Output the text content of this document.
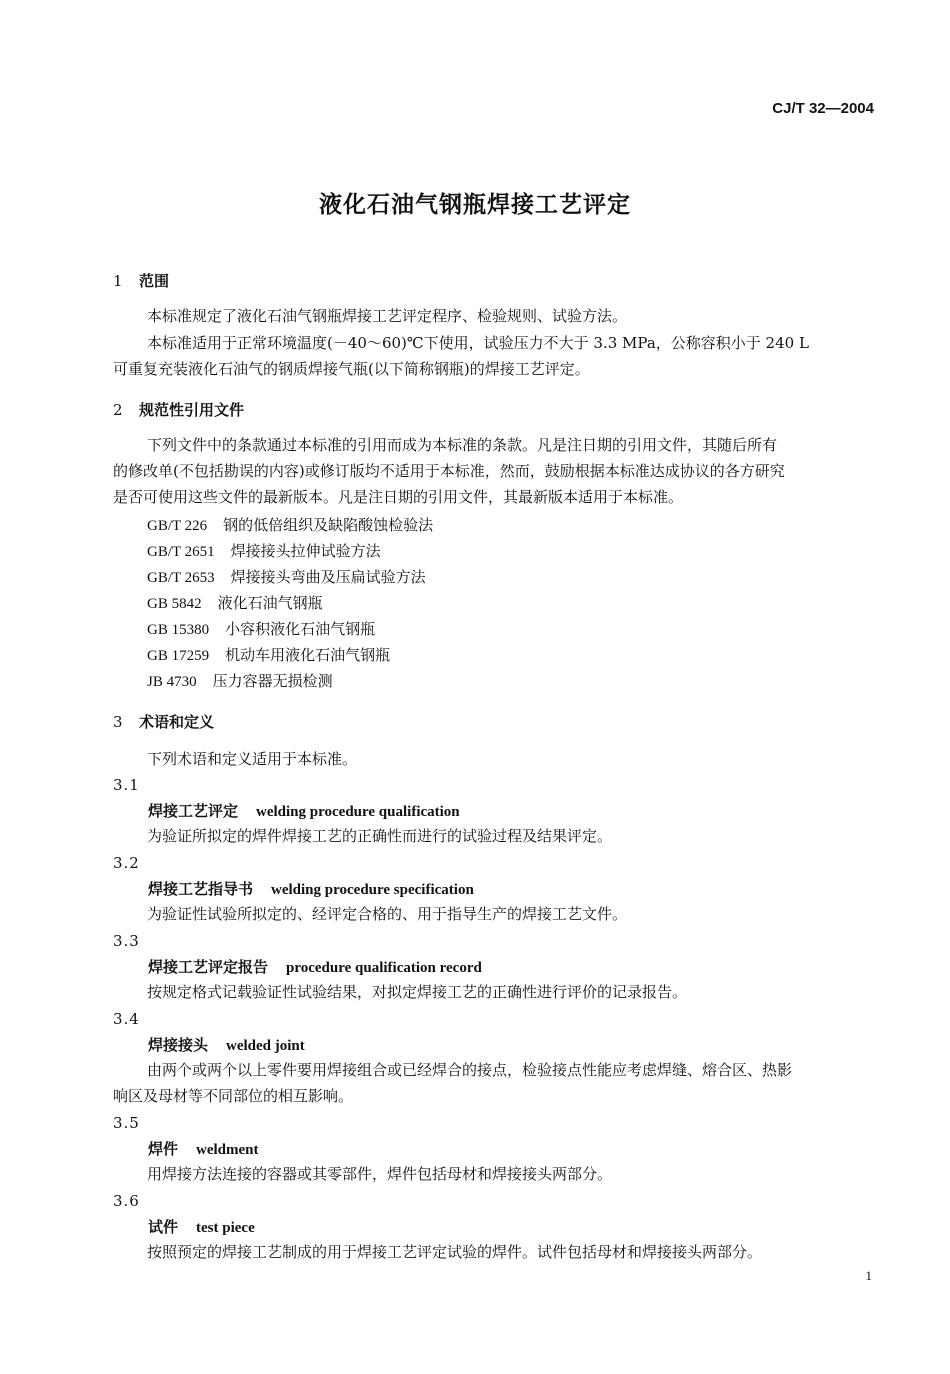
CJ/T 32—2004
液化石油气钢瓶焊接工艺评定
1 范围
本标准规定了液化石油气钢瓶焊接工艺评定程序、检验规则、试验方法。
本标准适用于正常环境温度(－40～60)℃下使用，试验压力不大于 3.3 MPa，公称容积小于 240 L
可重复充装液化石油气的钢质焊接气瓶(以下简称钢瓶)的焊接工艺评定。
2 规范性引用文件
下列文件中的条款通过本标准的引用而成为本标准的条款。凡是注日期的引用文件，其随后所有
的修改单(不包括勘误的内容)或修订版均不适用于本标准，然而，鼓励根据本标准达成协议的各方研究
是否可使用这些文件的最新版本。凡是注日期的引用文件，其最新版本适用于本标准。
GB/T 226 钢的低倍组织及缺陷酸蚀检验法
GB/T 2651 焊接接头拉伸试验方法
GB/T 2653 焊接接头弯曲及压扁试验方法
GB 5842 液化石油气钢瓶
GB 15380 小容积液化石油气钢瓶
GB 17259 机动车用液化石油气钢瓶
JB 4730 压力容器无损检测
3 术语和定义
下列术语和定义适用于本标准。
3.1
焊接工艺评定 welding procedure qualification
为验证所拟定的焊件焊接工艺的正确性而进行的试验过程及结果评定。
3.2
焊接工艺指导书 welding procedure specification
为验证性试验所拟定的、经评定合格的、用于指导生产的焊接工艺文件。
3.3
焊接工艺评定报告 procedure qualification record
按规定格式记载验证性试验结果，对拟定焊接工艺的正确性进行评价的记录报告。
3.4
焊接接头 welded joint
由两个或两个以上零件要用焊接组合或已经焊合的接点，检验接点性能应考虑焊缝、熔合区、热影
响区及母材等不同部位的相互影响。
3.5
焊件 weldment
用焊接方法连接的容器或其零部件，焊件包括母材和焊接接头两部分。
3.6
试件 test piece
按照预定的焊接工艺制成的用于焊接工艺评定试验的焊件。试件包括母材和焊接接头两部分。
1
